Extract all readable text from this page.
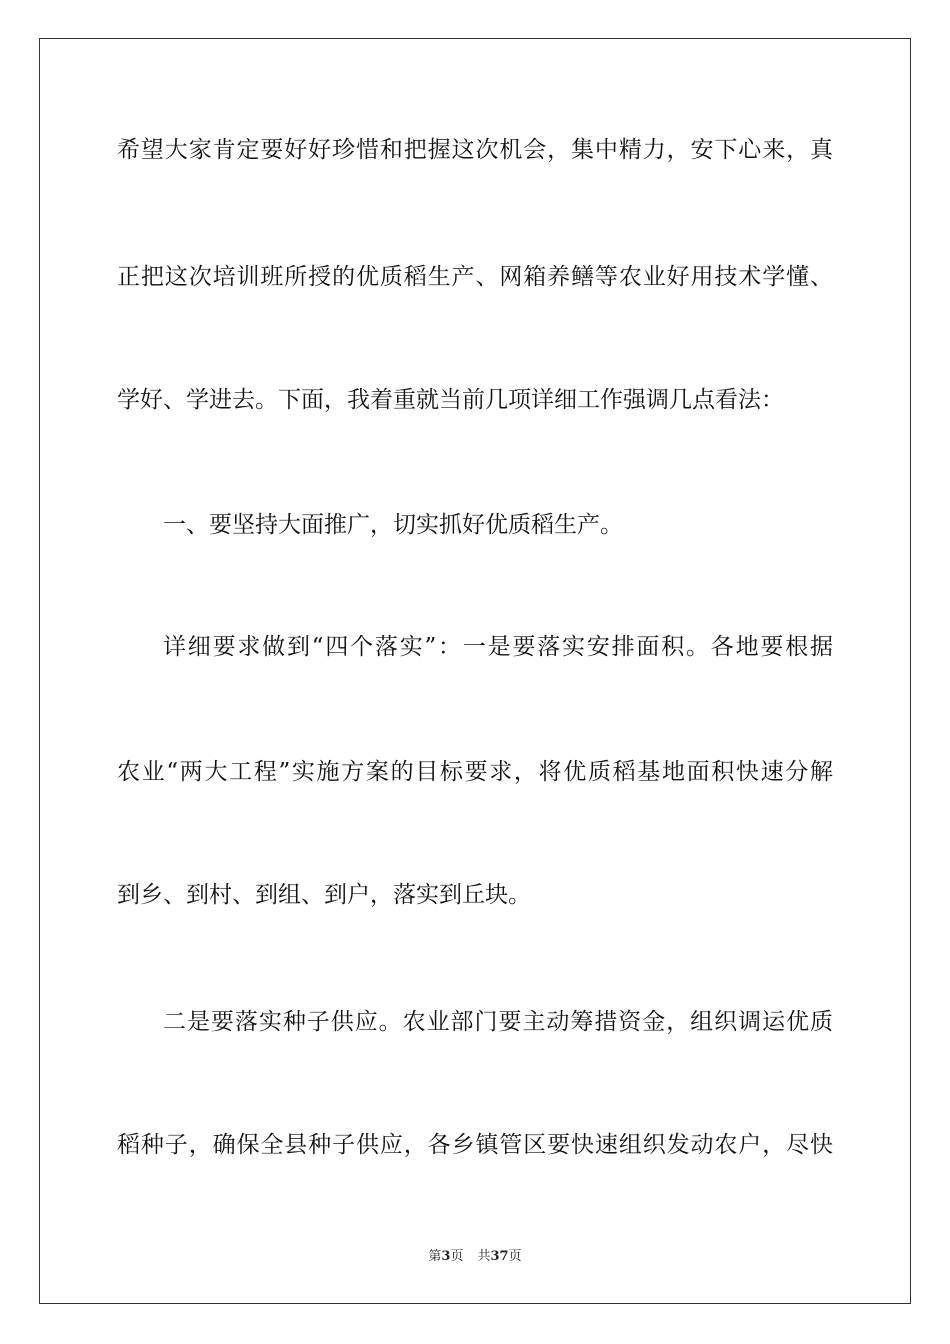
希望大家肯定要好好珍惜和把握这次机会，集中精力，安下心来，真
正把这次培训班所授的优质稻生产、网箱养鳝等农业好用技术学懂、
学好、学进去。下面，我着重就当前几项详细工作强调几点看法：
一、要坚持大面推广，切实抓好优质稻生产。
详细要求做到“四个落实”：一是要落实安排面积。各地要根据
农业“两大工程”实施方案的目标要求，将优质稻基地面积快速分解
到乡、到村、到组、到户，落实到丘块。
二是要落实种子供应。农业部门要主动筹措资金，组织调运优质
稻种子，确保全县种子供应，各乡镇管区要快速组织发动农户，尽快
第3页 共37页
